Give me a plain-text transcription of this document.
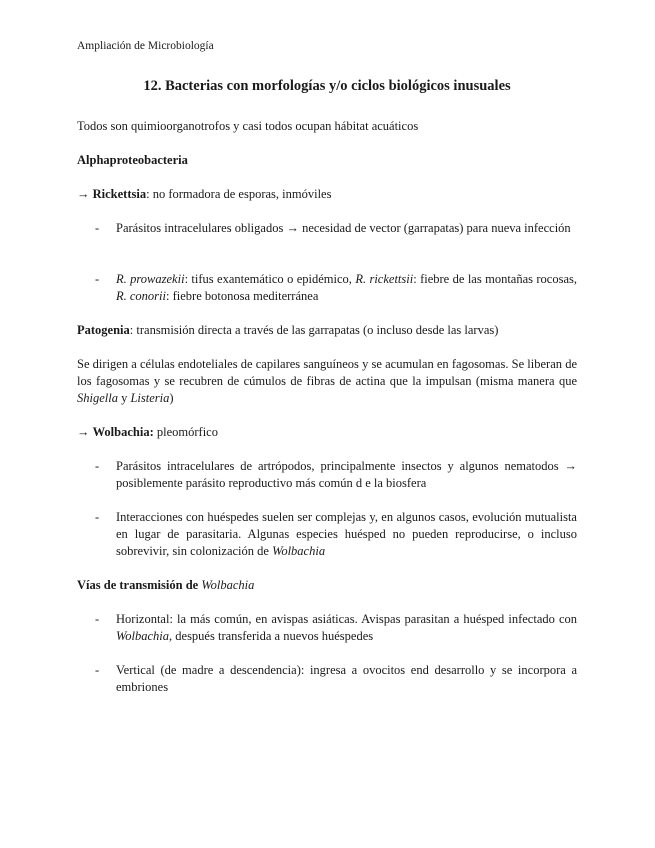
Ampliación de Microbiología
12. Bacterias con morfologías y/o ciclos biológicos inusuales
Todos son quimioorganotrofos y casi todos ocupan hábitat acuáticos
Alphaproteobacteria
→ Rickettsia: no formadora de esporas, inmóviles
- Parásitos intracelulares obligados → necesidad de vector (garrapatas) para nueva infección
- R. prowazekii: tifus exantemático o epidémico, R. rickettsii: fiebre de las montañas rocosas, R. conorii: fiebre botonosa mediterránea
Patogenia: transmisión directa a través de las garrapatas (o incluso desde las larvas)
Se dirigen a células endoteliales de capilares sanguíneos y se acumulan en fagosomas. Se liberan de los fagosomas y se recubren de cúmulos de fibras de actina que la impulsan (misma manera que Shigella y Listeria)
→ Wolbachia: pleomórfico
- Parásitos intracelulares de artrópodos, principalmente insectos y algunos nematodos → posiblemente parásito reproductivo más común d e la biosfera
- Interacciones con huéspedes suelen ser complejas y, en algunos casos, evolución mutualista en lugar de parasitaria. Algunas especies huésped no pueden reproducirse, o incluso sobrevivir, sin colonización de Wolbachia
Vías de transmisión de Wolbachia
- Horizontal: la más común, en avispas asiáticas. Avispas parasitan a huésped infectado con Wolbachia, después transferida a nuevos huéspedes
- Vertical (de madre a descendencia): ingresa a ovocitos end desarrollo y se incorpora a embriones
